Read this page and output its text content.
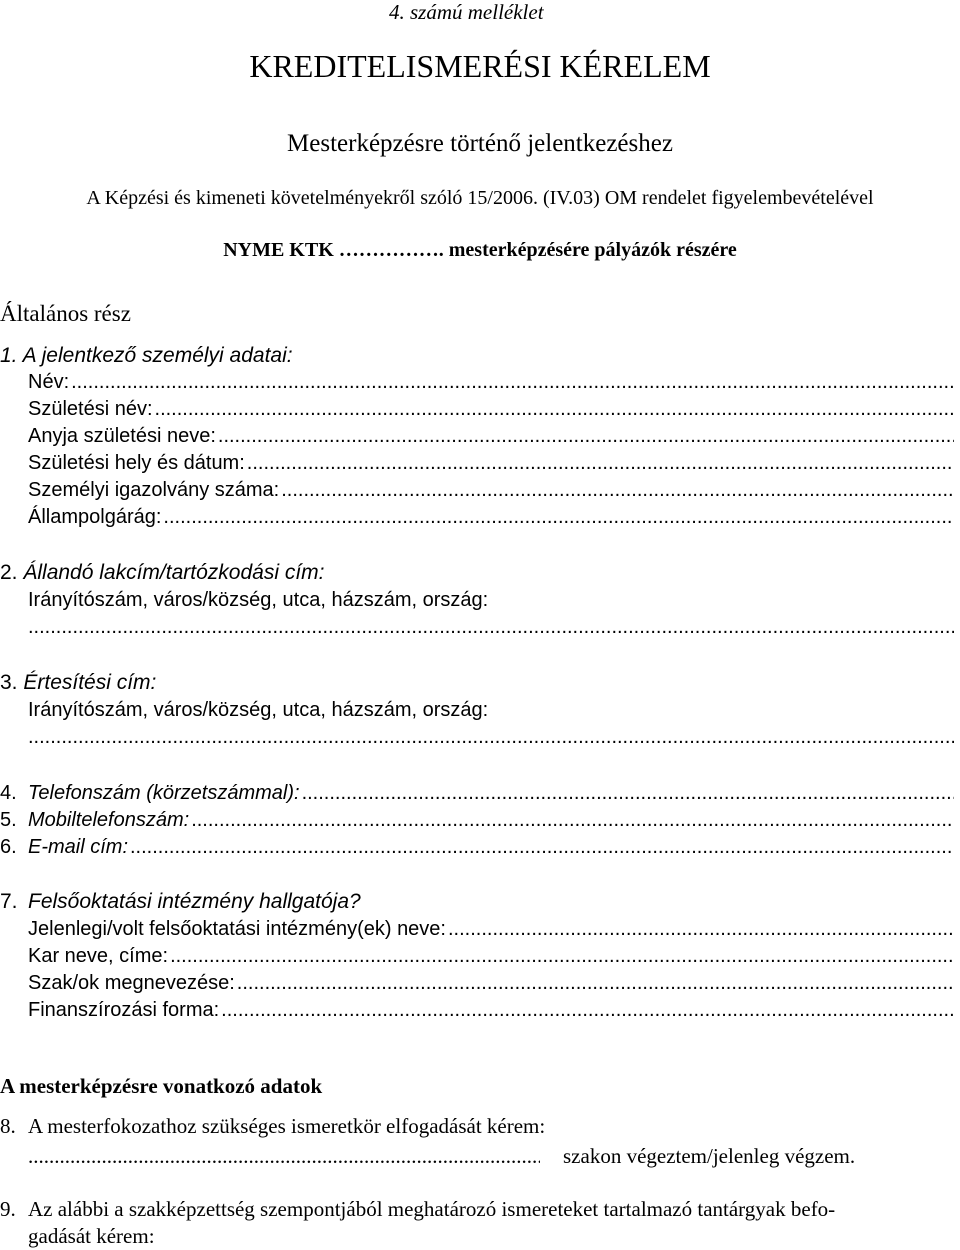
4. számú melléklet
KREDITELISMERÉSI KÉRELEM
Mesterképzésre történő jelentkezéshez
A Képzési és kimeneti követelményekről szóló 15/2006. (IV.03) OM rendelet figyelembevételével
NYME KTK ……………. mesterképzésére pályázók részére
Általános rész
1. A jelentkező személyi adatai:
Név:
.....
Születési név:
.....
Anyja születési neve:
.....
Születési hely és dátum:
.....
Személyi igazolvány száma:
.....
Állampolgárág:
.....
2. Állandó lakcím/tartózkodási cím:
Irányítószám, város/község, utca, házszám, ország:
.....
3. Értesítési cím:
Irányítószám, város/község, utca, házszám, ország:
.....
4. Telefonszám (körzetszámmal):
.....
5. Mobiltelefonszám:
.....
6. E-mail cím:
.....
7. Felsőoktatási intézmény hallgatója?
Jelenlegi/volt felsőoktatási intézmény(ek) neve:
.....
Kar neve, címe:
.....
Szak/ok megnevezése:
.....
Finanszírozási forma:
.....
A mesterképzésre vonatkozó adatok
8. A mesterfokozathoz szükséges ismeretkör elfogadását kérem:
.....
szakon végeztem/jelenleg végzem.
9. Az alábbi a szakképzettség szempontjából meghatározó ismereteket tartalmazó tantárgyak befo-
gadását kérem:
